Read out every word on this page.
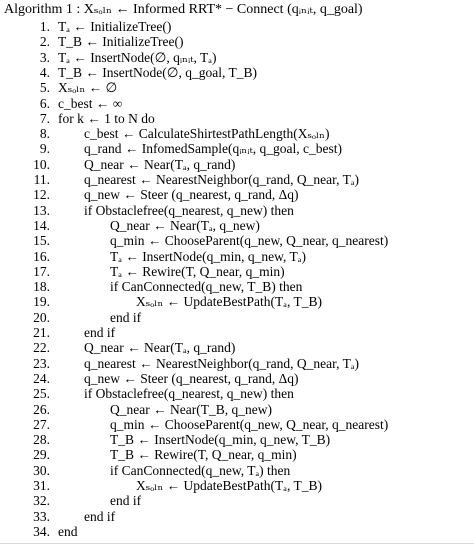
Algorithm 1 : Xₛₒₗₙ ← Informed RRT* − Connect (qᵢₙᵢₜ, q_goal)
1. Tₐ ← InitializeTree()
2. T_B ← InitializeTree()
3. Tₐ ← InsertNode(∅, qᵢₙᵢₜ, Tₐ)
4. T_B ← InsertNode(∅, q_goal, T_B)
5. Xₛₒₗₙ ← ∅
6. c_best ← ∞
7. for k ← 1 to N do
8.	c_best ← CalculateShirtestPathLength(Xₛₒₗₙ)
9.	q_rand ← InfomedSample(qᵢₙᵢₜ, q_goal, c_best)
10.	Q_near ← Near(Tₐ, q_rand)
11.	q_nearest ← NearestNeighbor(q_rand, Q_near, Tₐ)
12.	q_new ← Steer (q_nearest, q_rand, Δq)
13.	if Obstaclefree(q_nearest, q_new) then
14.	Q_near ← Near(Tₐ, q_new)
15.	q_min ← ChooseParent(q_new, Q_near, q_nearest)
16.	Tₐ ← InsertNode(q_min, q_new, Tₐ)
17.	Tₐ ← Rewire(T, Q_near, q_min)
18.	if CanConnected(q_new, T_B) then
19.	Xₛₒₗₙ ← UpdateBestPath(Tₐ, T_B)
20.	end if
21.	end if
22.	Q_near ← Near(Tₐ, q_rand)
23.	q_nearest ← NearestNeighbor(q_rand, Q_near, Tₐ)
24.	q_new ← Steer (q_nearest, q_rand, Δq)
25.	if Obstaclefree(q_nearest, q_new) then
26.	Q_near ← Near(T_B, q_new)
27.	q_min ← ChooseParent(q_new, Q_near, q_nearest)
28.	T_B ← InsertNode(q_min, q_new, T_B)
29.	T_B ← Rewire(T, Q_near, q_min)
30.	if CanConnected(q_new, Tₐ) then
31.	Xₛₒₗₙ ← UpdateBestPath(Tₐ, T_B)
32.	end if
33.	end if
34. end
